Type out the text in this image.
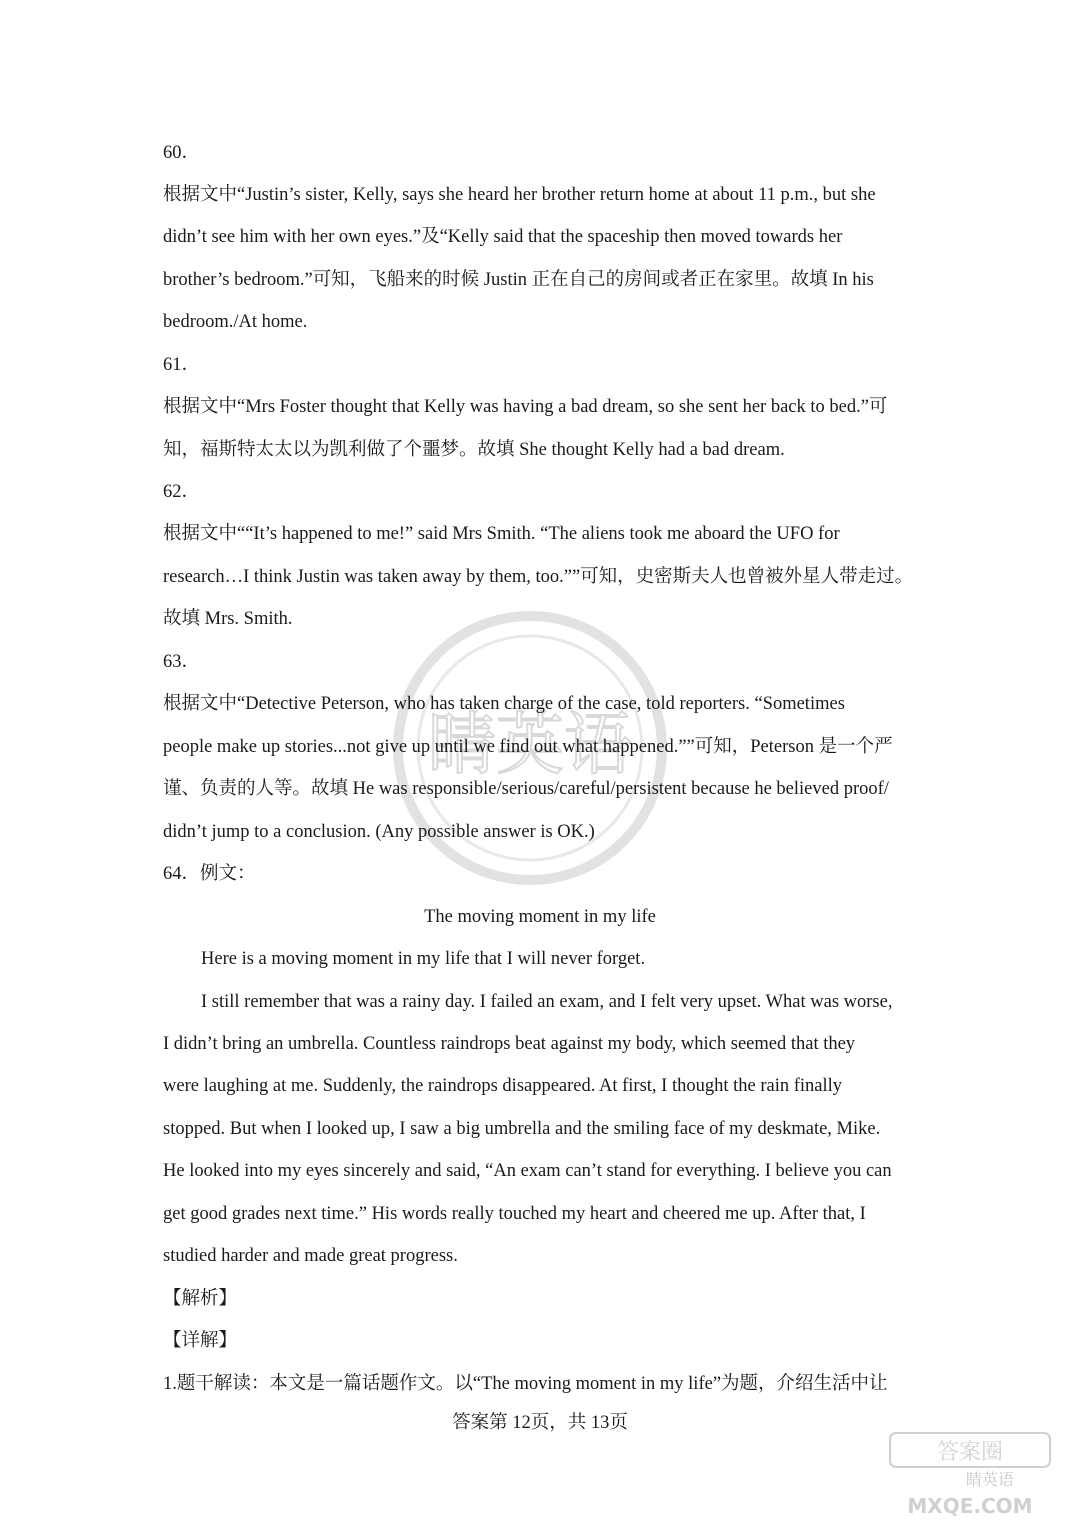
睛英语
60．
根据文中“Justin’s sister, Kelly, says she heard her brother return home at about 11 p.m., but she
didn’t see him with her own eyes.”及“Kelly said that the spaceship then moved towards her
brother’s bedroom.”可知，飞船来的时候 Justin 正在自己的房间或者正在家里。故填 In his
bedroom./At home.
61．
根据文中“Mrs Foster thought that Kelly was having a bad dream, so she sent her back to bed.”可
知，福斯特太太以为凯利做了个噩梦。故填 She thought Kelly had a bad dream.
62．
根据文中““It’s happened to me!” said Mrs Smith. “The aliens took me aboard the UFO for
research…I think Justin was taken away by them, too.””可知，史密斯夫人也曾被外星人带走过。
故填 Mrs. Smith.
63．
根据文中“Detective Peterson, who has taken charge of the case, told reporters. “Sometimes
people make up stories...not give up until we find out what happened.””可知，Peterson 是一个严
谨、负责的人等。故填 He was responsible/serious/careful/persistent because he believed proof/
didn’t jump to a conclusion. (Any possible answer is OK.)
64．例文：
The moving moment in my life
Here is a moving moment in my life that I will never forget.
I still remember that was a rainy day. I failed an exam, and I felt very upset. What was worse,
I didn’t bring an umbrella. Countless raindrops beat against my body, which seemed that they
were laughing at me. Suddenly, the raindrops disappeared. At first, I thought the rain finally
stopped. But when I looked up, I saw a big umbrella and the smiling face of my deskmate, Mike.
He looked into my eyes sincerely and said, “An exam can’t stand for everything. I believe you can
get good grades next time.” His words really touched my heart and cheered me up. After that, I
studied harder and made great progress.
【解析】
【详解】
1.题干解读：本文是一篇话题作文。以“The moving moment in my life”为题，介绍生活中让
答案第 12页，共 13页
答案圈
睛英语
MXQE.COM
